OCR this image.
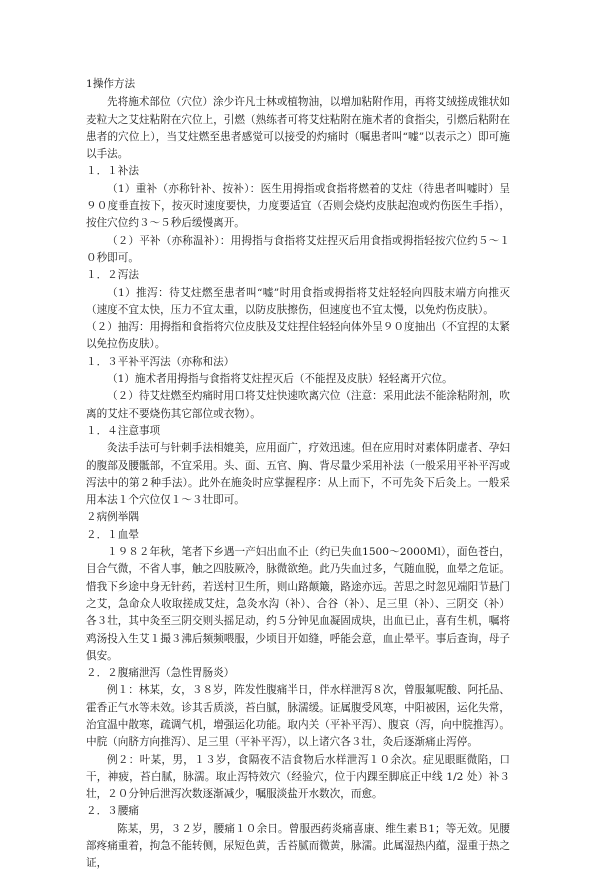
1操作方法

先将施术部位（穴位）涂少许凡士林或植物油，以增加粘附作用，再将艾绒搓成锥状如麦粒大之艾炷粘附在穴位上，引燃（熟练者可将艾炷粘附在施术者的食指尖，引燃后粘附在患者的穴位上），当艾炷燃至患者感觉可以接受的灼痛时（嘱患者叫“嘘”以表示之）即可施以手法。

１．１补法

（1）重补（亦称针补、按补）：医生用拇指或食指将燃着的艾炷（待患者叫嘘时）呈９０度垂直按下，按灭时速度要快，力度要适宜（否则会烧灼皮肤起泡或灼伤医生手指），按住穴位约３～５秒后缓慢离开。

（２）平补（亦称温补）：用拇指与食指将艾炷捏灭后用食指或拇指轻按穴位约５～１０秒即可。

１．２泻法

（1）推泻：待艾炷燃至患者叫“嘘”时用食指或拇指将艾炷轻轻向四肢末端方向推灭（速度不宜太快，压力不宜太重，以防皮肤擦伤，但速度也不宜太慢，以免灼伤皮肤）。

（２）抽泻：用拇指和食指将穴位皮肤及艾炷捏住轻轻向体外呈９０度抽出（不宜捏的太紧以免拉伤皮肤）。

１．３平补平泻法（亦称和法）

（1）施术者用拇指与食指将艾炷捏灭后（不能捏及皮肤）轻轻离开穴位。

（２）待艾炷燃至灼痛时用口将艾炷快速吹离穴位（注意：采用此法不能涂粘附剂，吹离的艾炷不要烧伤其它部位或衣物）。

１．４注意事项

灸法手法可与针刺手法相媲美，应用面广，疗效迅速。但在应用时对素体阴虚者、孕妇的腹部及腰骶部，不宜采用。头、面、五官、胸、背尽量少采用补法（一般采用平补平泻或泻法中的第２种手法）。此外在施灸时应掌握程序：从上而下，不可先灸下后灸上。一般采用本法１个穴位仅１～３壮即可。

２病例举隅

２．１血晕

１９８２年秋，笔者下乡遇一产妇出血不止（约已失血1500～2000Ml），面色苍白，目合气微，不省人事，触之四肢厥冷，脉微欲绝。此乃失血过多，气随血脱，血晕之危证。惜我下乡途中身无针药，若送村卫生所，则山路颠簸，路途亦远。苦思之时忽见端阳节悬门之艾，急命众人收取搓成艾炷，急灸水沟（补）、合谷（补）、足三里（补）、三阴交（补）各３壮，其中灸至三阴交则头摇足动，约５分钟见血凝固成块，出血已止，喜有生机，嘱将鸡汤投入生艾１撮３沸后频频喂服，少顷目开如缝，呼能会意，血止晕平。事后查询，母子俱安。

２．２腹痛泄泻（急性胃肠炎）

例１：林某，女，３８岁，阵发性腹痛半日，伴水样泄泻８次，曾服氟呢酸、阿托品、霍香正气水等未效。诊其舌质淡，苔白腻，脉濡缓。证属腹受风寒，中阳被困，运化失常，治宜温中散寒，疏调气机，增强运化功能。取内关（平补平泻）、腹哀（泻，向中脘推泻）。中脘（向脐方向推泻）、足三里（平补平泻），以上诸穴各３壮，灸后逐渐痛止泻停。

例２：叶某，男，１３岁，食隔夜不洁食物后水样泄泻１０余次。症见眼眶微陷，口干，神疲，苔白腻，脉濡。取止泻特效穴（经验穴，位于内踝至脚底正中线 1/2 处）补３壮，２０分钟后泄泻次数逐渐减少，嘱服淡盐开水数次，而愈。

２．３腰痛

陈某，男，３２岁，腰痛１０余日。曾服西药炎痛喜康、维生素Ｂ1；等无效。见腰部疼痛重着，拘急不能转侧，尿短色黄，舌苔腻而微黄，脉濡。此属湿热内蕴，湿重于热之证，
